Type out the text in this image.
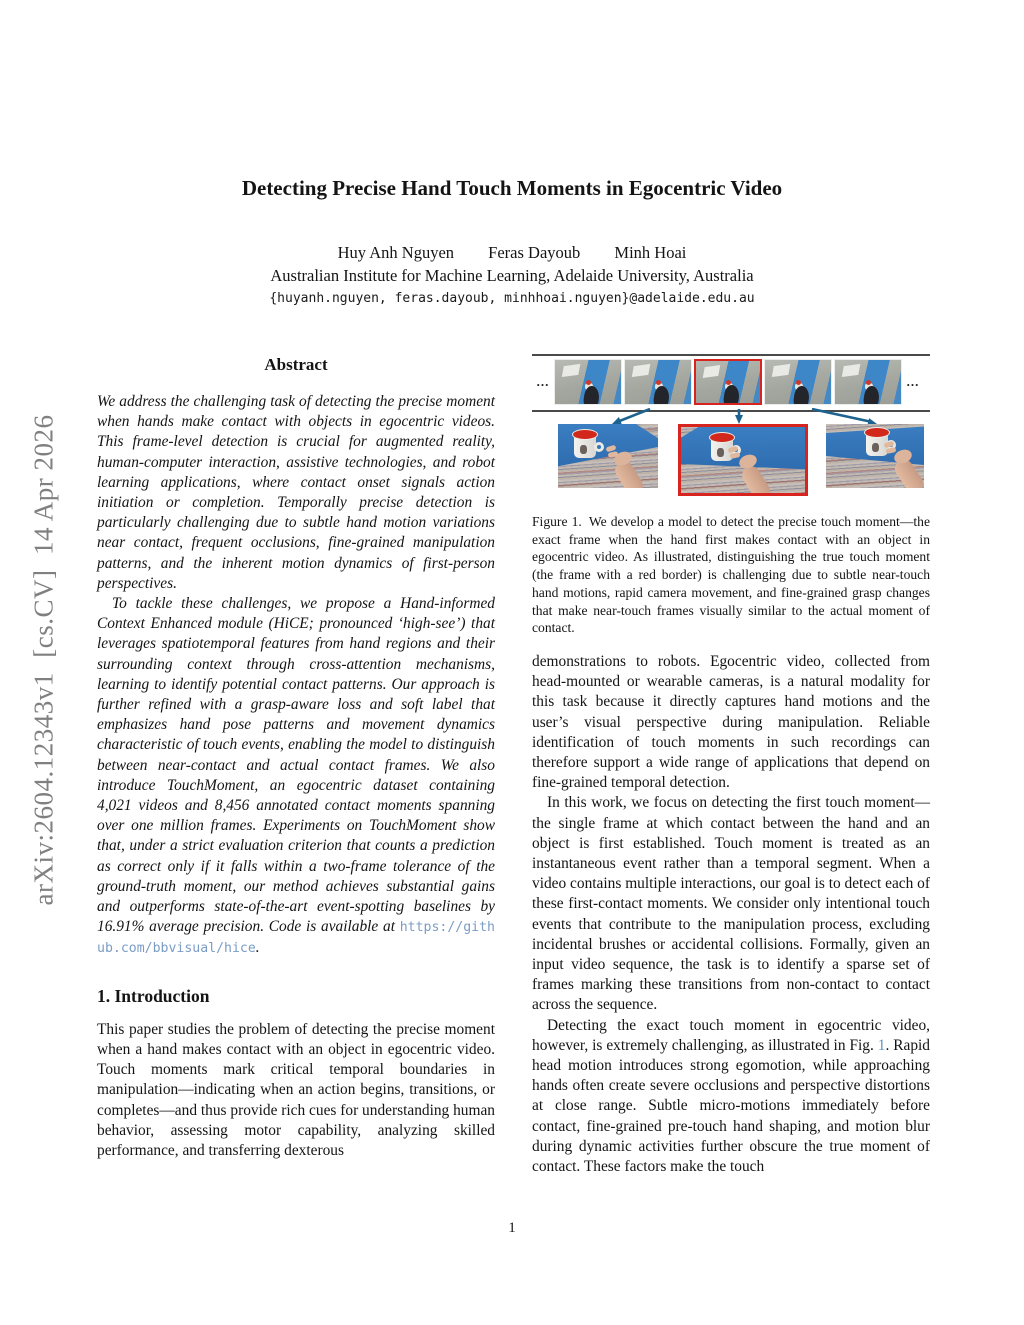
arXiv:2604.12343v1  [cs.CV]  14 Apr 2026
Detecting Precise Hand Touch Moments in Egocentric Video
Huy Anh Nguyen Feras Dayoub Minh Hoai
Australian Institute for Machine Learning, Adelaide University, Australia
{huyanh.nguyen, feras.dayoub, minhhoai.nguyen}@adelaide.edu.au
Abstract

We address the challenging task of detecting the precise moment when hands make contact with objects in egocentric videos. This frame-level detection is crucial for augmented reality, human-computer interaction, assistive technologies, and robot learning applications, where contact onset signals action initiation or completion. Temporally precise detection is particularly challenging due to subtle hand motion variations near contact, frequent occlusions, fine-grained manipulation patterns, and the inherent motion dynamics of first-person perspectives.

To tackle these challenges, we propose a Hand-informed Context Enhanced module (HiCE; pronounced ‘high-see’) that leverages spatiotemporal features from hand regions and their surrounding context through cross-attention mechanisms, learning to identify potential contact patterns. Our approach is further refined with a grasp-aware loss and soft label that emphasizes hand pose patterns and movement dynamics characteristic of touch events, enabling the model to distinguish between near-contact and actual contact frames. We also introduce TouchMoment, an egocentric dataset containing 4,021 videos and 8,456 annotated contact moments spanning over one million frames. Experiments on TouchMoment show that, under a strict evaluation criterion that counts a prediction as correct only if it falls within a two-frame tolerance of the ground-truth moment, our method achieves substantial gains and outperforms state-of-the-art event-spotting baselines by 16.91% average precision. Code is available at https://github.com/bbvisual/hice.

1. Introduction

This paper studies the problem of detecting the precise moment when a hand makes contact with an object in egocentric video. Touch moments mark critical temporal boundaries in manipulation—indicating when an action begins, transitions, or completes—and thus provide rich cues for understanding human behavior, assessing motor capability, analyzing skilled performance, and transferring dexterous

...	...

Figure 1. We develop a model to detect the precise touch moment—the exact frame when the hand first makes contact with an object in egocentric video. As illustrated, distinguishing the true touch moment (the frame with a red border) is challenging due to subtle near-touch hand motions, rapid camera movement, and fine-grained grasp changes that make near-touch frames visually similar to the actual moment of contact.

demonstrations to robots. Egocentric video, collected from head-mounted or wearable cameras, is a natural modality for this task because it directly captures hand motions and the user’s visual perspective during manipulation. Reliable identification of touch moments in such recordings can therefore support a wide range of applications that depend on fine-grained temporal detection.

In this work, we focus on detecting the first touch moment—the single frame at which contact between the hand and an object is first established. Touch moment is treated as an instantaneous event rather than a temporal segment. When a video contains multiple interactions, our goal is to detect each of these first-contact moments. We consider only intentional touch events that contribute to the manipulation process, excluding incidental brushes or accidental collisions. Formally, given an input video sequence, the task is to identify a sparse set of frames marking these transitions from non-contact to contact across the sequence.

Detecting the exact touch moment in egocentric video, however, is extremely challenging, as illustrated in Fig. 1. Rapid head motion introduces strong egomotion, while approaching hands often create severe occlusions and perspective distortions at close range. Subtle micro-motions immediately before contact, fine-grained pre-touch hand shaping, and motion blur during dynamic activities further obscure the true moment of contact. These factors make the touch

1
